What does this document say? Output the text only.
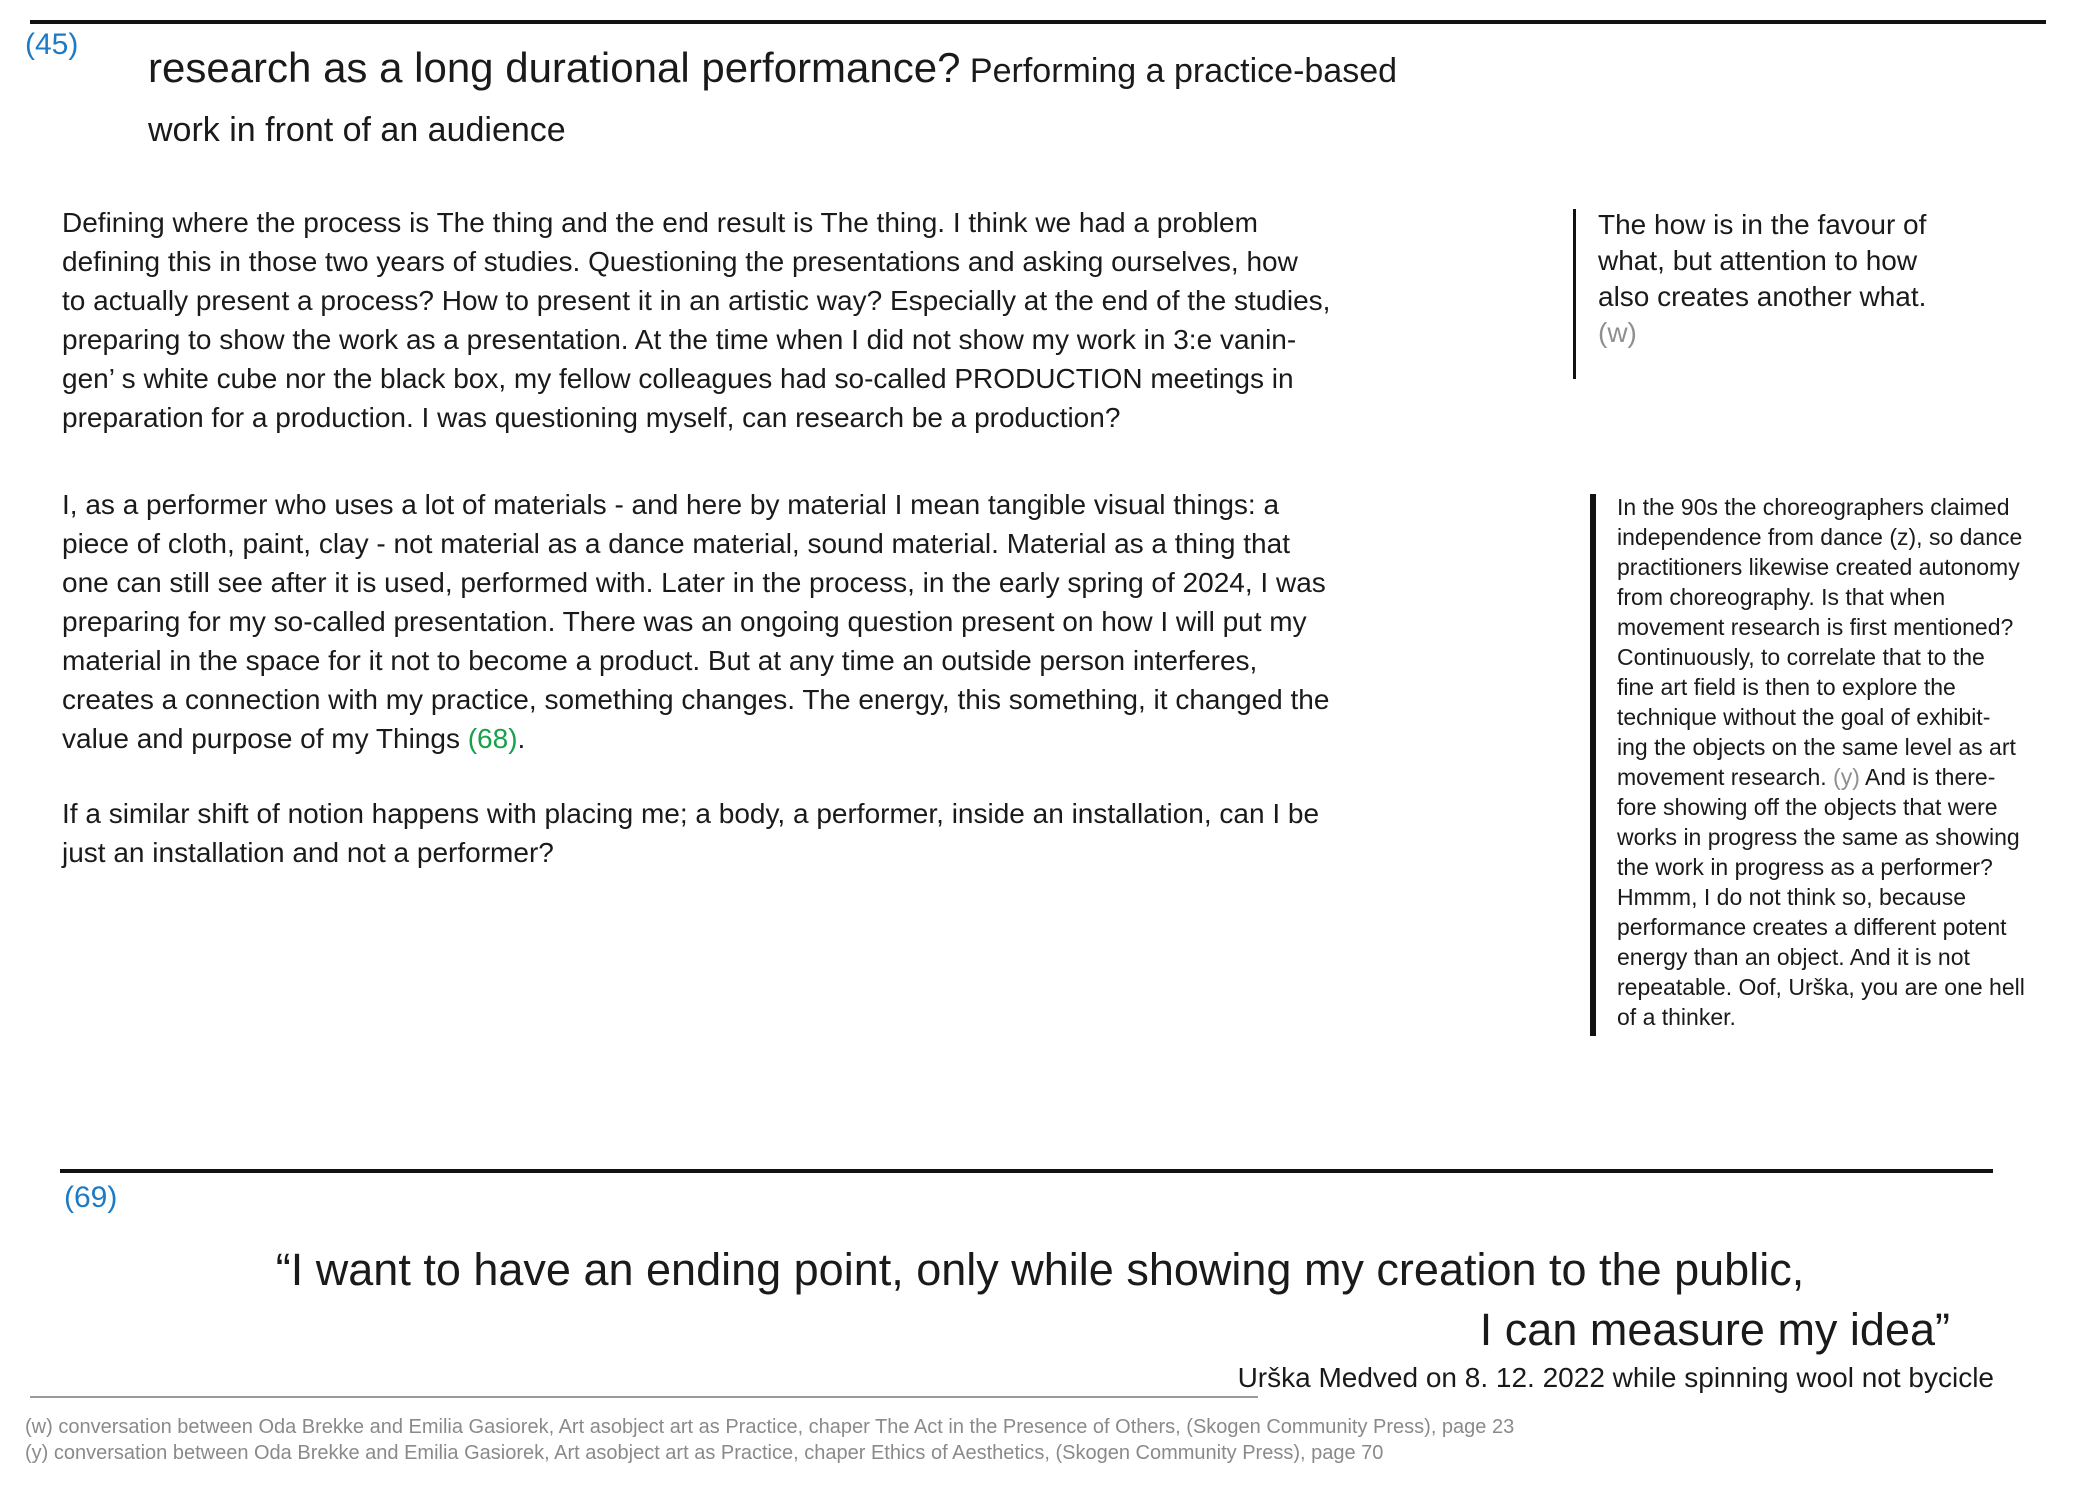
(45) research as a long durational performance? Performing a practice-based
work in front of an audience
Defining where the process is The thing and the end result is The thing. I think we had a problem
defining this in those two years of studies. Questioning the presentations and asking ourselves, how
to actually present a process? How to present it in an artistic way? Especially at the end of the studies,
preparing to show the work as a presentation. At the time when I did not show my work in 3:e vanin-
gen’ s white cube nor the black box, my fellow colleagues had so-called PRODUCTION meetings in
preparation for a production. I was questioning myself, can research be a production?
I, as a performer who uses a lot of materials - and here by material I mean tangible visual things: a
piece of cloth, paint, clay - not material as a dance material, sound material. Material as a thing that
one can still see after it is used, performed with. Later in the process, in the early spring of 2024, I was
preparing for my so-called presentation. There was an ongoing question present on how I will put my
material in the space for it not to become a product. But at any time an outside person interferes,
creates a connection with my practice, something changes. The energy, this something, it changed the
value and purpose of my Things (68).
If a similar shift of notion happens with placing me; a body, a performer, inside an installation, can I be
just an installation and not a performer?
The how is in the favour of
what, but attention to how
also creates another what.
(w)
In the 90s the choreographers claimed
independence from dance (z), so dance
practitioners likewise created autonomy
from choreography. Is that when
movement research is first mentioned?
Continuously, to correlate that to the
fine art field is then to explore the
technique without the goal of exhibit-
ing the objects on the same level as art
movement research. (y) And is there-
fore showing off the objects that were
works in progress the same as showing
the work in progress as a performer?
Hmmm, I do not think so, because
performance creates a different potent
energy than an object. And it is not
repeatable. Oof, Urška, you are one hell
of a thinker.
(69)
“I want to have an ending point, only while showing my creation to the public,
I can measure my idea”
Urška Medved on 8. 12. 2022 while spinning wool not bycicle
(w) conversation between Oda Brekke and Emilia Gasiorek, Art asobject art as Practice, chaper The Act in the Presence of Others, (Skogen Community Press), page 23
(y) conversation between Oda Brekke and Emilia Gasiorek, Art asobject art as Practice, chaper Ethics of Aesthetics, (Skogen Community Press), page 70
